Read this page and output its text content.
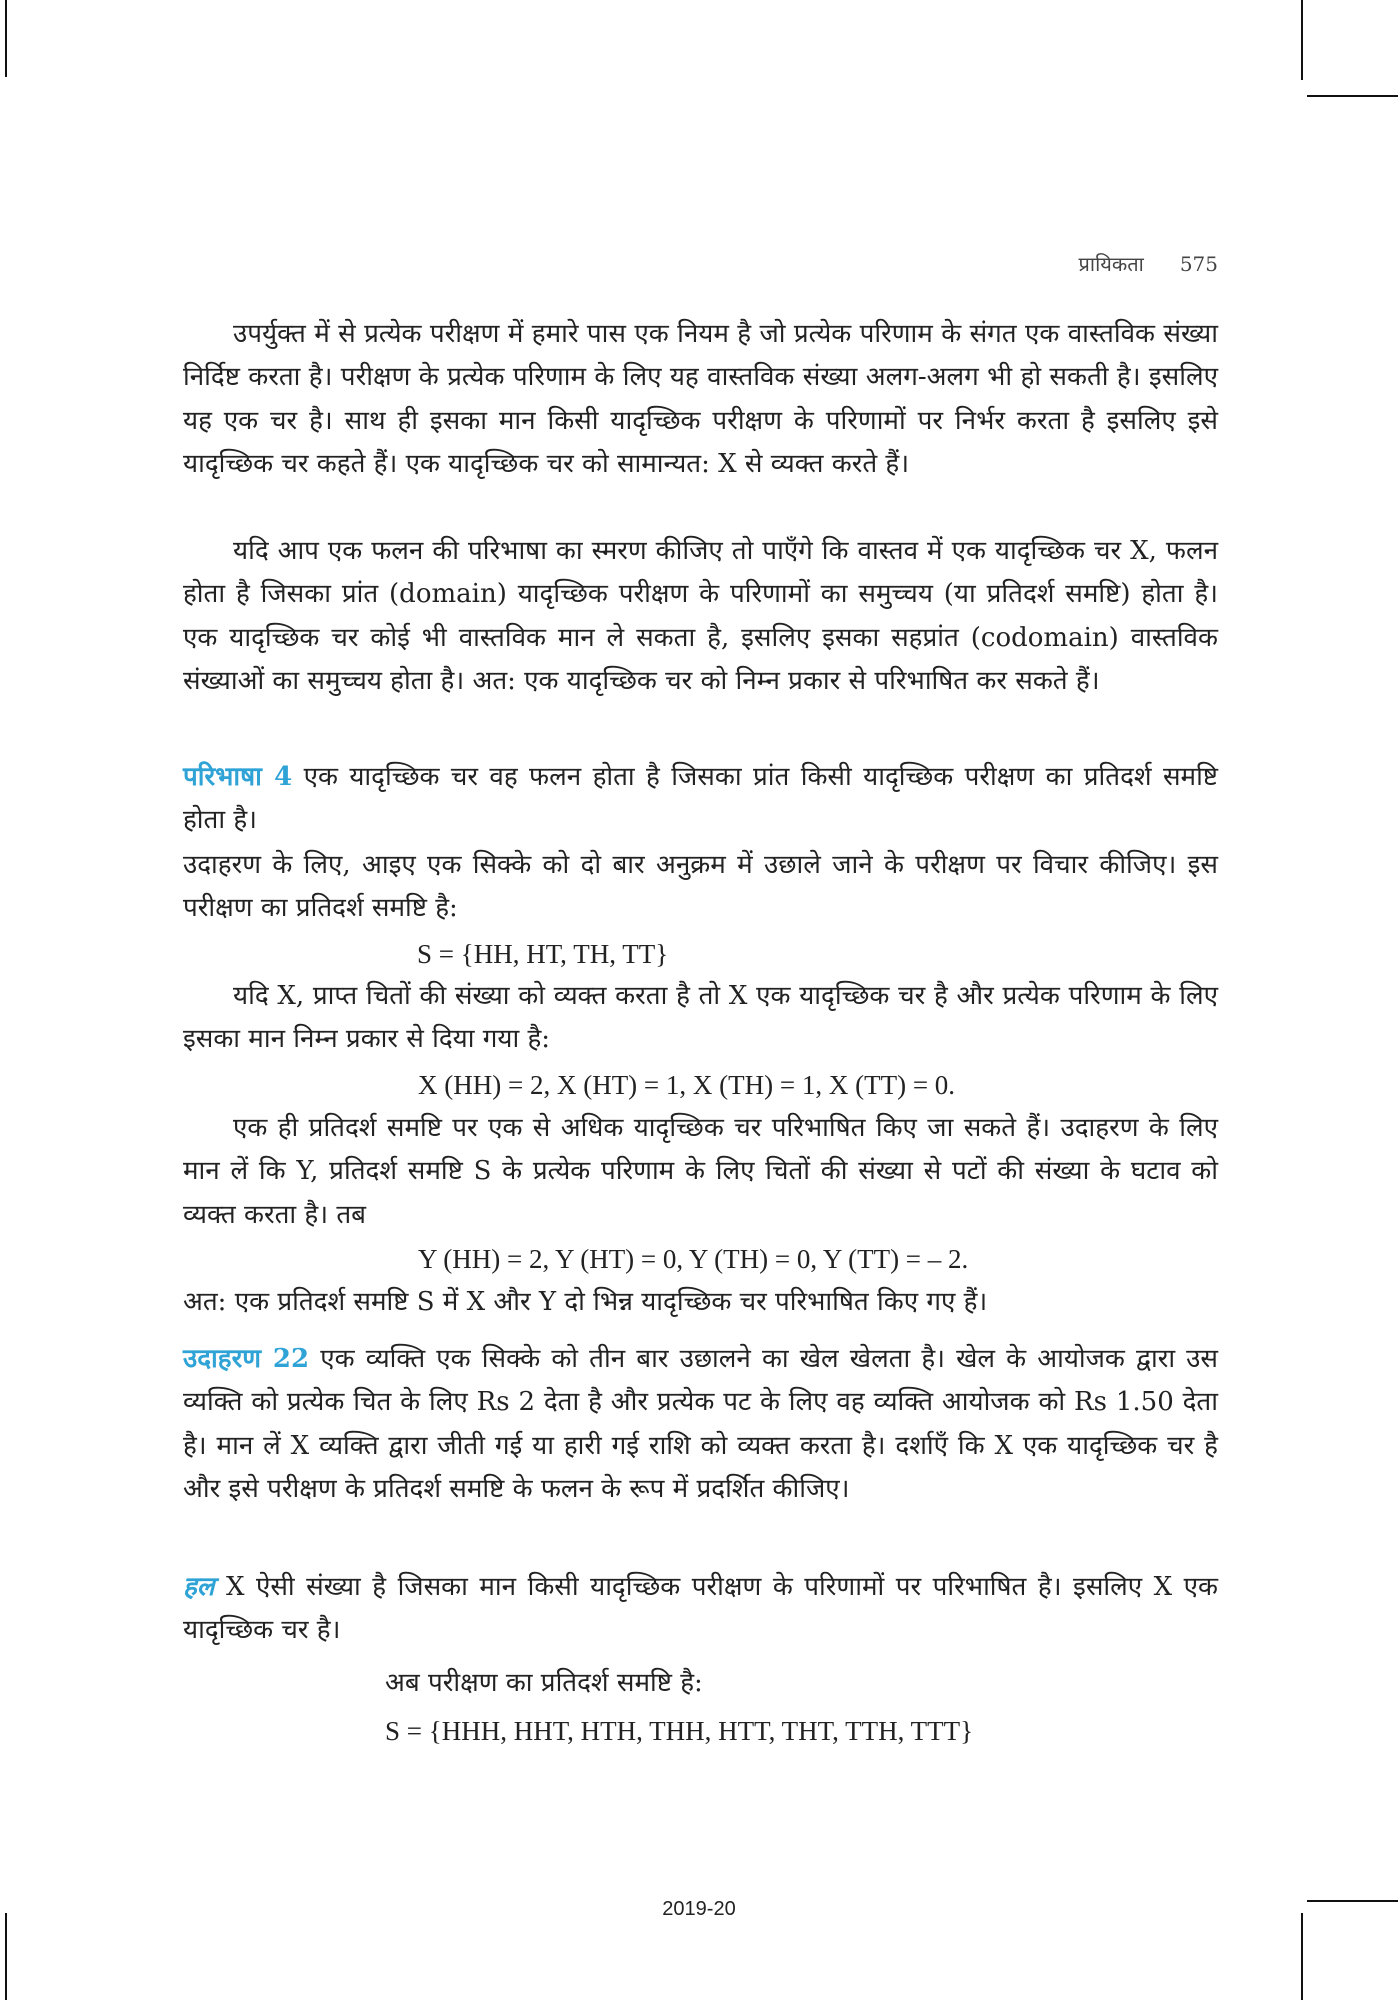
प्रायिकता 575
उपर्युक्त में से प्रत्येक परीक्षण में हमारे पास एक नियम है जो प्रत्येक परिणाम के संगत एक वास्तविक संख्या निर्दिष्ट करता है। परीक्षण के प्रत्येक परिणाम के लिए यह वास्तविक संख्या अलग-अलग भी हो सकती है। इसलिए यह एक चर है। साथ ही इसका मान किसी यादृच्छिक परीक्षण के परिणामों पर निर्भर करता है इसलिए इसे यादृच्छिक चर कहते हैं। एक यादृच्छिक चर को सामान्यत: X से व्यक्त करते हैं।
यदि आप एक फलन की परिभाषा का स्मरण कीजिए तो पाएँगे कि वास्तव में एक यादृच्छिक चर X, फलन होता है जिसका प्रांत (domain) यादृच्छिक परीक्षण के परिणामों का समुच्चय (या प्रतिदर्श समष्टि) होता है। एक यादृच्छिक चर कोई भी वास्तविक मान ले सकता है, इसलिए इसका सहप्रांत (codomain) वास्तविक संख्याओं का समुच्चय होता है। अत: एक यादृच्छिक चर को निम्न प्रकार से परिभाषित कर सकते हैं।
परिभाषा 4 एक यादृच्छिक चर वह फलन होता है जिसका प्रांत किसी यादृच्छिक परीक्षण का प्रतिदर्श समष्टि होता है।
उदाहरण के लिए, आइए एक सिक्के को दो बार अनुक्रम में उछाले जाने के परीक्षण पर विचार कीजिए। इस परीक्षण का प्रतिदर्श समष्टि है:
S = {HH, HT, TH, TT}
यदि X, प्राप्त चितों की संख्या को व्यक्त करता है तो X एक यादृच्छिक चर है और प्रत्येक परिणाम के लिए इसका मान निम्न प्रकार से दिया गया है:
X (HH) = 2, X (HT) = 1, X (TH) = 1, X (TT) = 0.
एक ही प्रतिदर्श समष्टि पर एक से अधिक यादृच्छिक चर परिभाषित किए जा सकते हैं। उदाहरण के लिए मान लें कि Y, प्रतिदर्श समष्टि S के प्रत्येक परिणाम के लिए चितों की संख्या से पटों की संख्या के घटाव को व्यक्त करता है। तब
Y (HH) = 2, Y (HT) = 0, Y (TH) = 0, Y (TT) = – 2.
अत: एक प्रतिदर्श समष्टि S में X और Y दो भिन्न यादृच्छिक चर परिभाषित किए गए हैं।
उदाहरण 22 एक व्यक्ति एक सिक्के को तीन बार उछालने का खेल खेलता है। खेल के आयोजक द्वारा उस व्यक्ति को प्रत्येक चित के लिए Rs 2 देता है और प्रत्येक पट के लिए वह व्यक्ति आयोजक को Rs 1.50 देता है। मान लें X व्यक्ति द्वारा जीती गई या हारी गई राशि को व्यक्त करता है। दर्शाएँ कि X एक यादृच्छिक चर है और इसे परीक्षण के प्रतिदर्श समष्टि के फलन के रूप में प्रदर्शित कीजिए।
हल X ऐसी संख्या है जिसका मान किसी यादृच्छिक परीक्षण के परिणामों पर परिभाषित है। इसलिए X एक यादृच्छिक चर है।
अब परीक्षण का प्रतिदर्श समष्टि है:
S = {HHH, HHT, HTH, THH, HTT, THT, TTH, TTT}
2019-20
